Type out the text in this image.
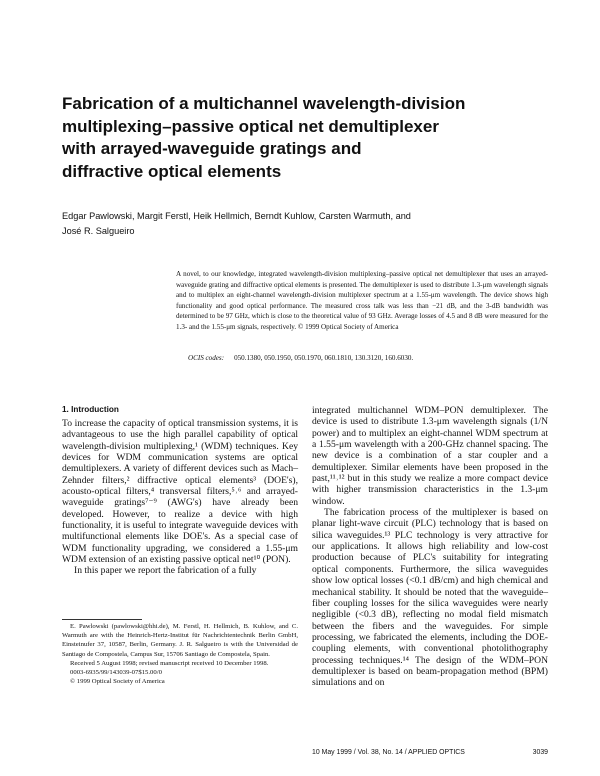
Fabrication of a multichannel wavelength-division
multiplexing–passive optical net demultiplexer
with arrayed-waveguide gratings and
diffractive optical elements
Edgar Pawlowski, Margit Ferstl, Heik Hellmich, Berndt Kuhlow, Carsten Warmuth, and
José R. Salgueiro
A novel, to our knowledge, integrated wavelength-division multiplexing–passive optical net demultiplexer that uses an arrayed-waveguide grating and diffractive optical elements is presented. The demultiplexer is used to distribute 1.3-μm wavelength signals and to multiplex an eight-channel wavelength-division multiplexer spectrum at a 1.55-μm wavelength. The device shows high functionality and good optical performance. The measured cross talk was less than −21 dB, and the 3-dB bandwidth was determined to be 97 GHz, which is close to the theoretical value of 93 GHz. Average losses of 4.5 and 8 dB were measured for the 1.3- and the 1.55-μm signals, respectively. © 1999 Optical Society of America
OCIS codes: 050.1380, 050.1950, 050.1970, 060.1810, 130.3120, 160.6030.
1. Introduction

To increase the capacity of optical transmission systems, it is advantageous to use the high parallel capability of optical wavelength-division multiplexing,¹ (WDM) techniques. Key devices for WDM communication systems are optical demultiplexers. A variety of different devices such as Mach–Zehnder filters,² diffractive optical elements³ (DOE's), acousto-optical filters,⁴ transversal filters,⁵˒⁶ and arrayed-waveguide gratings⁷⁻⁹ (AWG's) have already been developed. However, to realize a device with high functionality, it is useful to integrate waveguide devices with multifunctional elements like DOE's. As a special case of WDM functionality upgrading, we considered a 1.55-μm WDM extension of an existing passive optical net¹⁰ (PON).

In this paper we report the fabrication of a fully

integrated multichannel WDM–PON demultiplexer. The device is used to distribute 1.3-μm wavelength signals (1/N power) and to multiplex an eight-channel WDM spectrum at a 1.55-μm wavelength with a 200-GHz channel spacing. The new device is a combination of a star coupler and a demultiplexer. Similar elements have been proposed in the past,¹¹˒¹² but in this study we realize a more compact device with higher transmission characteristics in the 1.3-μm window.

The fabrication process of the multiplexer is based on planar light-wave circuit (PLC) technology that is based on silica waveguides.¹³ PLC technology is very attractive for our applications. It allows high reliability and low-cost production because of PLC's suitability for integrating optical components. Furthermore, the silica waveguides show low optical losses (<0.1 dB/cm) and high chemical and mechanical stability. It should be noted that the waveguide–fiber coupling losses for the silica waveguides were nearly negligible (<0.3 dB), reflecting no modal field mismatch between the fibers and the waveguides. For simple processing, we fabricated the elements, including the DOE-coupling elements, with conventional photolithography processing techniques.¹⁴ The design of the WDM–PON demultiplexer is based on beam-propagation method (BPM) simulations and on

E. Pawlowski (pawlowski@hhi.de), M. Ferstl, H. Hellmich, B. Kuhlow, and C. Warmuth are with the Heinrich-Hertz-Institut für Nachrichtentechnik Berlin GmbH, Einsteinufer 37, 10587, Berlin, Germany. J. R. Salgueiro is with the Universidad de Santiago de Compostela, Campus Sur, 15706 Santiago de Compostela, Spain.

Received 5 August 1998; revised manuscript received 10 December 1998.

0003-6935/99/143039-07$15.00/0

© 1999 Optical Society of America

10 May 1999 / Vol. 38, No. 14 / APPLIED OPTICS	3039
